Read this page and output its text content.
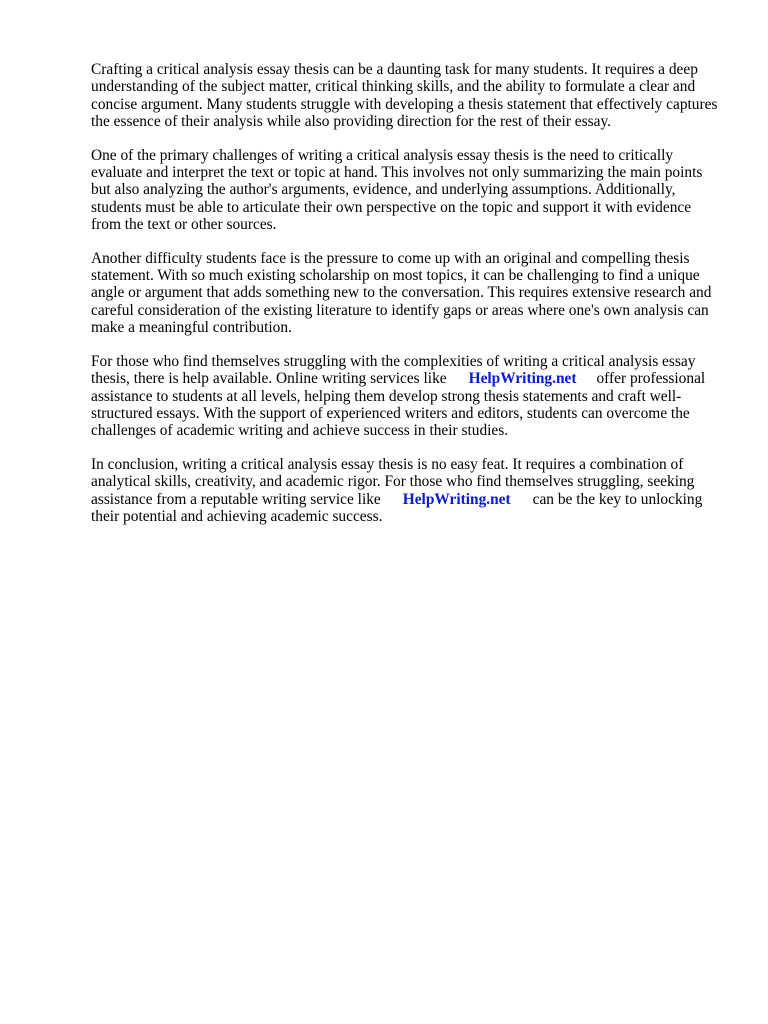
Crafting a critical analysis essay thesis can be a daunting task for many students. It requires a deep understanding of the subject matter, critical thinking skills, and the ability to formulate a clear and concise argument. Many students struggle with developing a thesis statement that effectively captures the essence of their analysis while also providing direction for the rest of their essay.

One of the primary challenges of writing a critical analysis essay thesis is the need to critically evaluate and interpret the text or topic at hand. This involves not only summarizing the main points but also analyzing the author's arguments, evidence, and underlying assumptions. Additionally, students must be able to articulate their own perspective on the topic and support it with evidence from the text or other sources.

Another difficulty students face is the pressure to come up with an original and compelling thesis statement. With so much existing scholarship on most topics, it can be challenging to find a unique angle or argument that adds something new to the conversation. This requires extensive research and careful consideration of the existing literature to identify gaps or areas where one's own analysis can make a meaningful contribution.

For those who find themselves struggling with the complexities of writing a critical analysis essay thesis, there is help available. Online writing services like HelpWriting.net offer professional assistance to students at all levels, helping them develop strong thesis statements and craft well-structured essays. With the support of experienced writers and editors, students can overcome the challenges of academic writing and achieve success in their studies.

In conclusion, writing a critical analysis essay thesis is no easy feat. It requires a combination of analytical skills, creativity, and academic rigor. For those who find themselves struggling, seeking assistance from a reputable writing service like HelpWriting.net can be the key to unlocking their potential and achieving academic success.
